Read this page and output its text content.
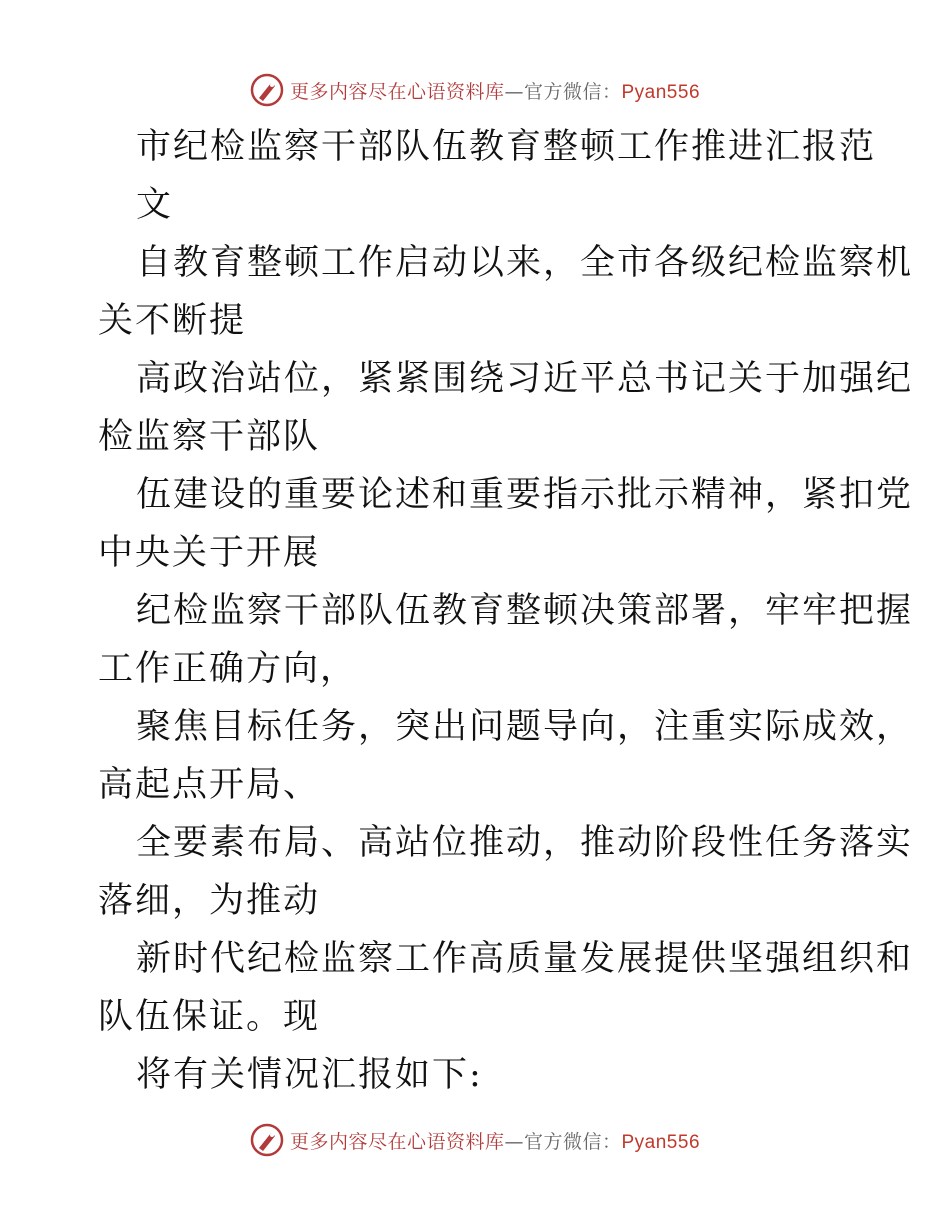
更多内容尽在心语资料库—官方微信：Pyan556
市纪检监察干部队伍教育整顿工作推进汇报范
文
自教育整顿工作启动以来，全市各级纪检监察机
关不断提
高政治站位，紧紧围绕习近平总书记关于加强纪
检监察干部队
伍建设的重要论述和重要指示批示精神，紧扣党
中央关于开展
纪检监察干部队伍教育整顿决策部署，牢牢把握
工作正确方向，
聚焦目标任务，突出问题导向，注重实际成效，
高起点开局、
全要素布局、高站位推动，推动阶段性任务落实
落细，为推动
新时代纪检监察工作高质量发展提供坚强组织和
队伍保证。现
将有关情况汇报如下:
更多内容尽在心语资料库—官方微信：Pyan556
